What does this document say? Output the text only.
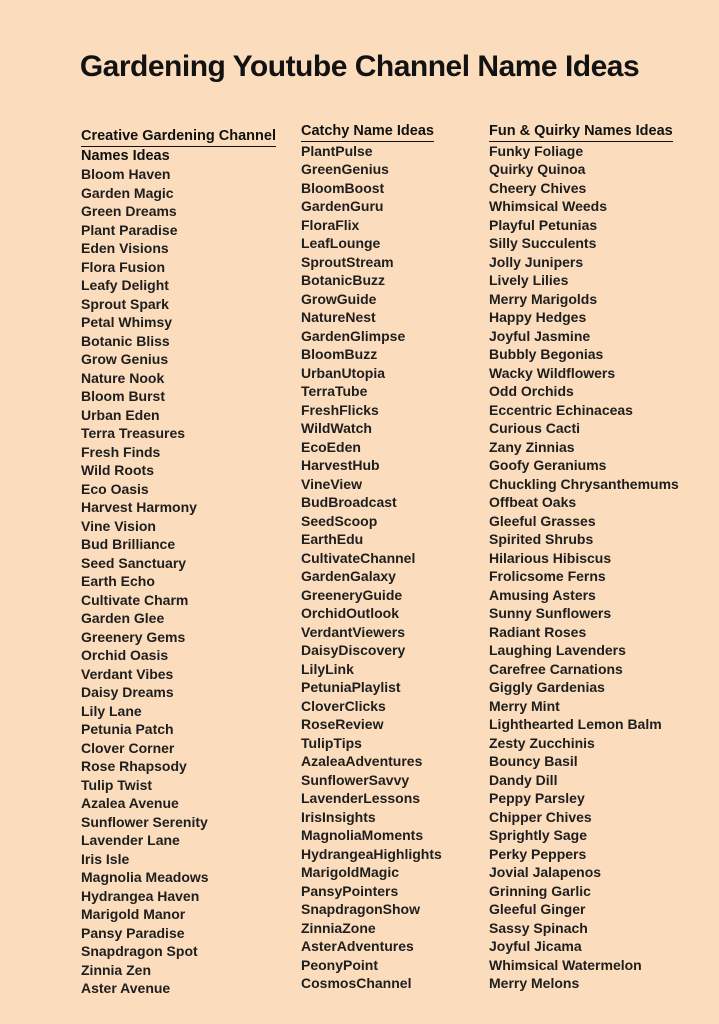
Gardening Youtube Channel Name Ideas
Creative Gardening Channel
Names Ideas
Bloom Haven
Garden Magic
Green Dreams
Plant Paradise
Eden Visions
Flora Fusion
Leafy Delight
Sprout Spark
Petal Whimsy
Botanic Bliss
Grow Genius
Nature Nook
Bloom Burst
Urban Eden
Terra Treasures
Fresh Finds
Wild Roots
Eco Oasis
Harvest Harmony
Vine Vision
Bud Brilliance
Seed Sanctuary
Earth Echo
Cultivate Charm
Garden Glee
Greenery Gems
Orchid Oasis
Verdant Vibes
Daisy Dreams
Lily Lane
Petunia Patch
Clover Corner
Rose Rhapsody
Tulip Twist
Azalea Avenue
Sunflower Serenity
Lavender Lane
Iris Isle
Magnolia Meadows
Hydrangea Haven
Marigold Manor
Pansy Paradise
Snapdragon Spot
Zinnia Zen
Aster Avenue
Catchy Name Ideas
PlantPulse
GreenGenius
BloomBoost
GardenGuru
FloraFlix
LeafLounge
SproutStream
BotanicBuzz
GrowGuide
NatureNest
GardenGlimpse
BloomBuzz
UrbanUtopia
TerraTube
FreshFlicks
WildWatch
EcoEden
HarvestHub
VineView
BudBroadcast
SeedScoop
EarthEdu
CultivateChannel
GardenGalaxy
GreeneryGuide
OrchidOutlook
VerdantViewers
DaisyDiscovery
LilyLink
PetuniaPlaylist
CloverClicks
RoseReview
TulipTips
AzaleaAdventures
SunflowerSavvy
LavenderLessons
IrisInsights
MagnoliaMoments
HydrangeaHighlights
MarigoldMagic
PansyPointers
SnapdragonShow
ZinniaZone
AsterAdventures
PeonyPoint
CosmosChannel
Fun & Quirky Names Ideas
Funky Foliage
Quirky Quinoa
Cheery Chives
Whimsical Weeds
Playful Petunias
Silly Succulents
Jolly Junipers
Lively Lilies
Merry Marigolds
Happy Hedges
Joyful Jasmine
Bubbly Begonias
Wacky Wildflowers
Odd Orchids
Eccentric Echinaceas
Curious Cacti
Zany Zinnias
Goofy Geraniums
Chuckling Chrysanthemums
Offbeat Oaks
Gleeful Grasses
Spirited Shrubs
Hilarious Hibiscus
Frolicsome Ferns
Amusing Asters
Sunny Sunflowers
Radiant Roses
Laughing Lavenders
Carefree Carnations
Giggly Gardenias
Merry Mint
Lighthearted Lemon Balm
Zesty Zucchinis
Bouncy Basil
Dandy Dill
Peppy Parsley
Chipper Chives
Sprightly Sage
Perky Peppers
Jovial Jalapenos
Grinning Garlic
Gleeful Ginger
Sassy Spinach
Joyful Jicama
Whimsical Watermelon
Merry Melons
